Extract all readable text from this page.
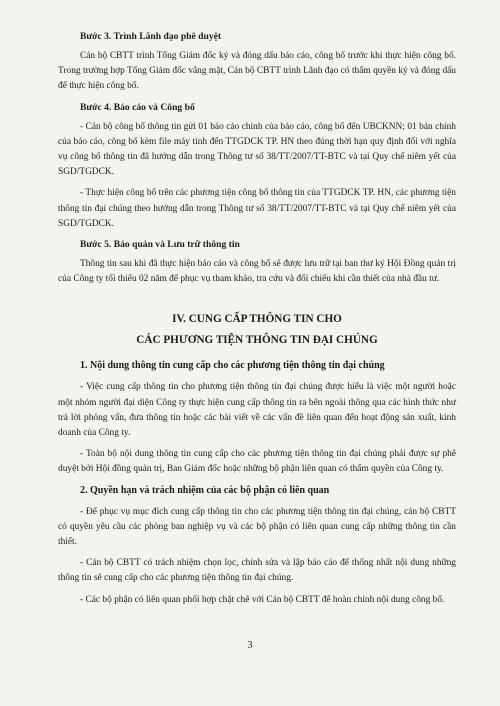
Bước 3. Trình Lãnh đạo phê duyệt

Cán bộ CBTT trình Tổng Giám đốc ký và đóng dấu báo cáo, công bố trước khi thực hiện công bố. Trong trường hợp Tổng Giám đốc vắng mặt, Cán bộ CBTT trình Lãnh đạo có thẩm quyền ký và đóng dấu để thực hiện công bố.

Bước 4. Báo cáo và Công bố

- Cán bộ công bố thông tin gửi 01 báo cáo chính của báo cáo, công bố đến UBCKNN; 01 bản chính của báo cáo, công bố kèm file máy tính đến TTGDCK TP. HN theo đúng thời hạn quy định đối với nghĩa vụ công bố thông tin đã hướng dẫn trong Thông tư số 38/TT/2007/TT-BTC và tại Quy chế niêm yết của SGD/TGDCK.

- Thực hiện công bố trên các phương tiện công bố thông tin của TTGDCK TP. HN, các phương tiện thông tin đại chúng theo hướng dẫn trong Thông tư số 38/TT/2007/TT-BTC và tại Quy chế niêm yết của SGD/TGDCK.

Bước 5. Bảo quản và Lưu trữ thông tin

Thông tin sau khi đã thực hiện báo cáo và công bố sẽ được lưu trữ tại ban thư ký Hội Đồng quản trị của Công ty tối thiểu 02 năm để phục vụ tham khảo, tra cứu và đối chiếu khi cần thiết của nhà đầu tư.

IV. CUNG CẤP THÔNG TIN CHO
CÁC PHƯƠNG TIỆN THÔNG TIN ĐẠI CHÚNG
1. Nội dung thông tin cung cấp cho các phương tiện thông tin đại chúng

- Việc cung cấp thông tin cho phương tiện thông tin đại chúng được hiểu là việc một người hoặc một nhóm người đại diện Công ty thực hiện cung cấp thông tin ra bên ngoài thông qua các hình thức như trả lời phỏng vấn, đưa thông tin hoặc các bài viết về các vấn đề liên quan đến hoạt động sản xuất, kinh doanh của Công ty.

- Toàn bộ nội dung thông tin cung cấp cho các phương tiện thông tin đại chúng phải được sự phê duyệt bởi Hội đồng quản trị, Ban Giám đốc hoặc những bộ phận liên quan có thẩm quyền của Công ty.

2. Quyền hạn và trách nhiệm của các bộ phận có liên quan

- Để phục vụ mục đích cung cấp thông tin cho các phương tiện thông tin đại chúng, cán bộ CBTT có quyền yêu cầu các phòng ban nghiệp vụ và các bộ phận có liên quan cung cấp những thông tin cần thiết.

- Cán bộ CBTT có trách nhiệm chọn lọc, chỉnh sửa và lập báo cáo để thống nhất nội dung những thông tin sẽ cung cấp cho các phương tiện thông tin đại chúng.

- Các bộ phận có liên quan phối hợp chặt chẽ với Cán bộ CBTT để hoàn chỉnh nội dung công bố.

3
